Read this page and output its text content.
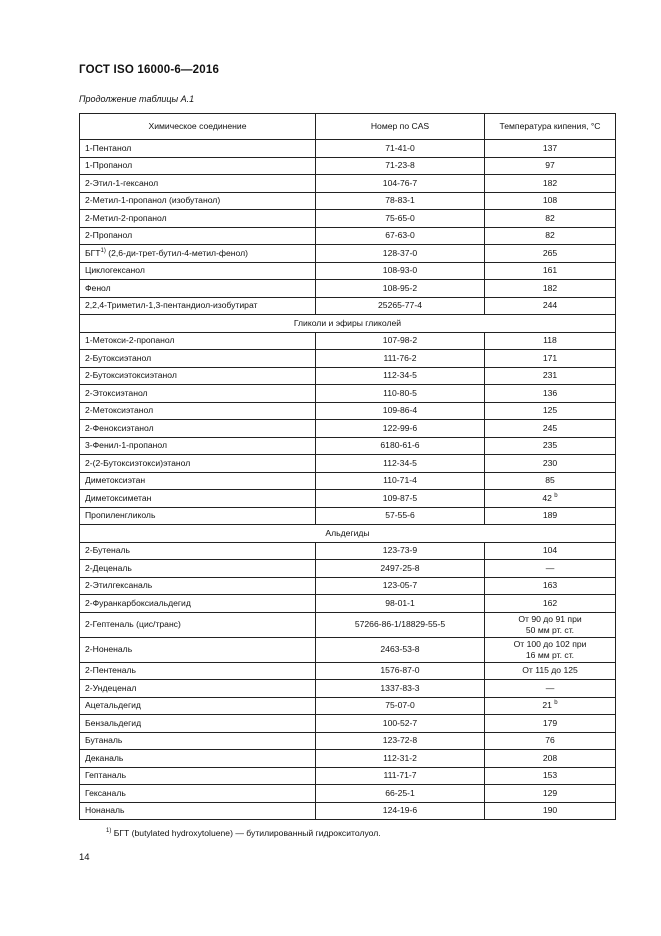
ГОСТ ISO 16000-6—2016
Продолжение таблицы А.1
Химическое соединение	Номер по CAS	Температура кипения, °С
1-Пентанол	71-41-0	137
1-Пропанол	71-23-8	97
2-Этил-1-гексанол	104-76-7	182
2-Метил-1-пропанол (изобутанол)	78-83-1	108
2-Метил-2-пропанол	75-65-0	82
2-Пропанол	67-63-0	82
БГТ$^{1)}$ (2,6-ди-трет-бутил-4-метил-фенол)	128-37-0	265
Циклогексанол	108-93-0	161
Фенол	108-95-2	182
2,2,4-Триметил-1,3-пентандиол-изобутират	25265-77-4	244
Гликоли и эфиры гликолей		
1-Метокси-2-пропанол	107-98-2	118
2-Бутоксиэтанол	111-76-2	171
2-Бутоксиэтоксиэтанол	112-34-5	231
2-Этоксиэтанол	110-80-5	136
2-Метоксиэтанол	109-86-4	125
2-Феноксиэтанол	122-99-6	245
3-Фенил-1-пропанол	6180-61-6	235
2-(2-Бутоксиэтокси)этанол	112-34-5	230
Диметоксиэтан	110-71-4	85
Диметоксиметан	109-87-5	42 $^b$
Пропиленгликоль	57-55-6	189
Альдегиды		
2-Бутеналь	123-73-9	104
2-Деценаль	2497-25-8	—
2-Этилгексаналь	123-05-7	163
2-Фуранкарбоксиальдегид	98-01-1	162
2-Гептеналь (цис/транс)	57266-86-1/18829-55-5	От 90 до 91 при
50 мм рт. ст.
2-Ноненаль	2463-53-8	От 100 до 102 при
16 мм рт. ст.
2-Пентеналь	1576-87-0	От 115 до 125
2-Ундеценал	1337-83-3	—
Ацетальдегид	75-07-0	21 $^b$
Бензальдегид	100-52-7	179
Бутаналь	123-72-8	76
Деканаль	112-31-2	208
Гептаналь	111-71-7	153
Гексаналь	66-25-1	129
Нонаналь	124-19-6	190
$^{1)}$ БГТ (butylated hydroxytoluene) — бутилированный гидрокситолуол.
14
